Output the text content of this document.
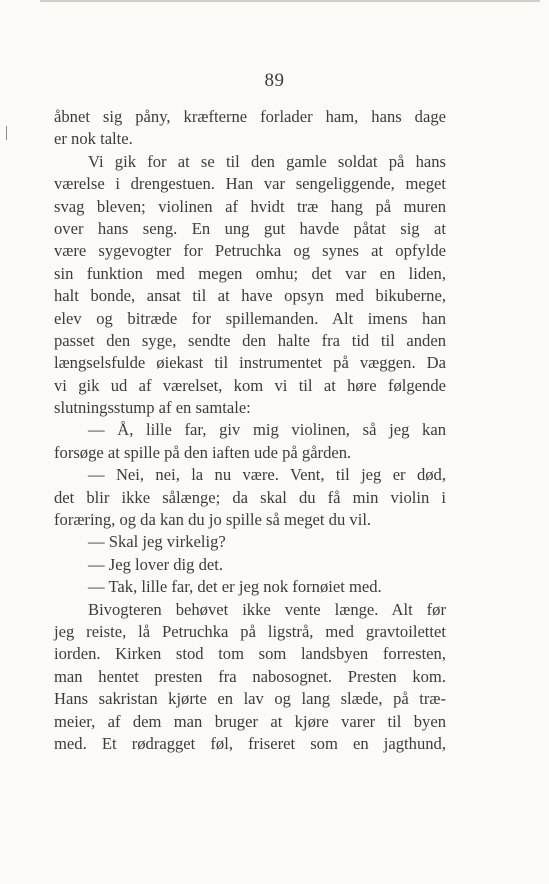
89
åbnet sig påny, kræfterne forlader ham, hans dage
er nok talte.
Vi gik for at se til den gamle soldat på hans
værelse i drengestuen. Han var sengeliggende, meget
svag bleven; violinen af hvidt træ hang på muren
over hans seng. En ung gut havde påtat sig at
være sygevogter for Petruchka og synes at opfylde
sin funktion med megen omhu; det var en liden,
halt bonde, ansat til at have opsyn med bikuberne,
elev og bitræde for spillemanden. Alt imens han
passet den syge, sendte den halte fra tid til anden
længselsfulde øiekast til instrumentet på væggen. Da
vi gik ud af værelset, kom vi til at høre følgende
slutningsstump af en samtale:
— Å, lille far, giv mig violinen, så jeg kan
forsøge at spille på den iaften ude på gården.
— Nei, nei, la nu være. Vent, til jeg er død,
det blir ikke sålænge; da skal du få min violin i
foræring, og da kan du jo spille så meget du vil.
— Skal jeg virkelig?
— Jeg lover dig det.
— Tak, lille far, det er jeg nok fornøiet med.
Bivogteren behøvet ikke vente længe. Alt før
jeg reiste, lå Petruchka på ligstrå, med gravtoilettet
iorden. Kirken stod tom som landsbyen forresten,
man hentet presten fra nabosognet. Presten kom.
Hans sakristan kjørte en lav og lang slæde, på træ-
meier, af dem man bruger at kjøre varer til byen
med. Et rødragget føl, friseret som en jagthund,
